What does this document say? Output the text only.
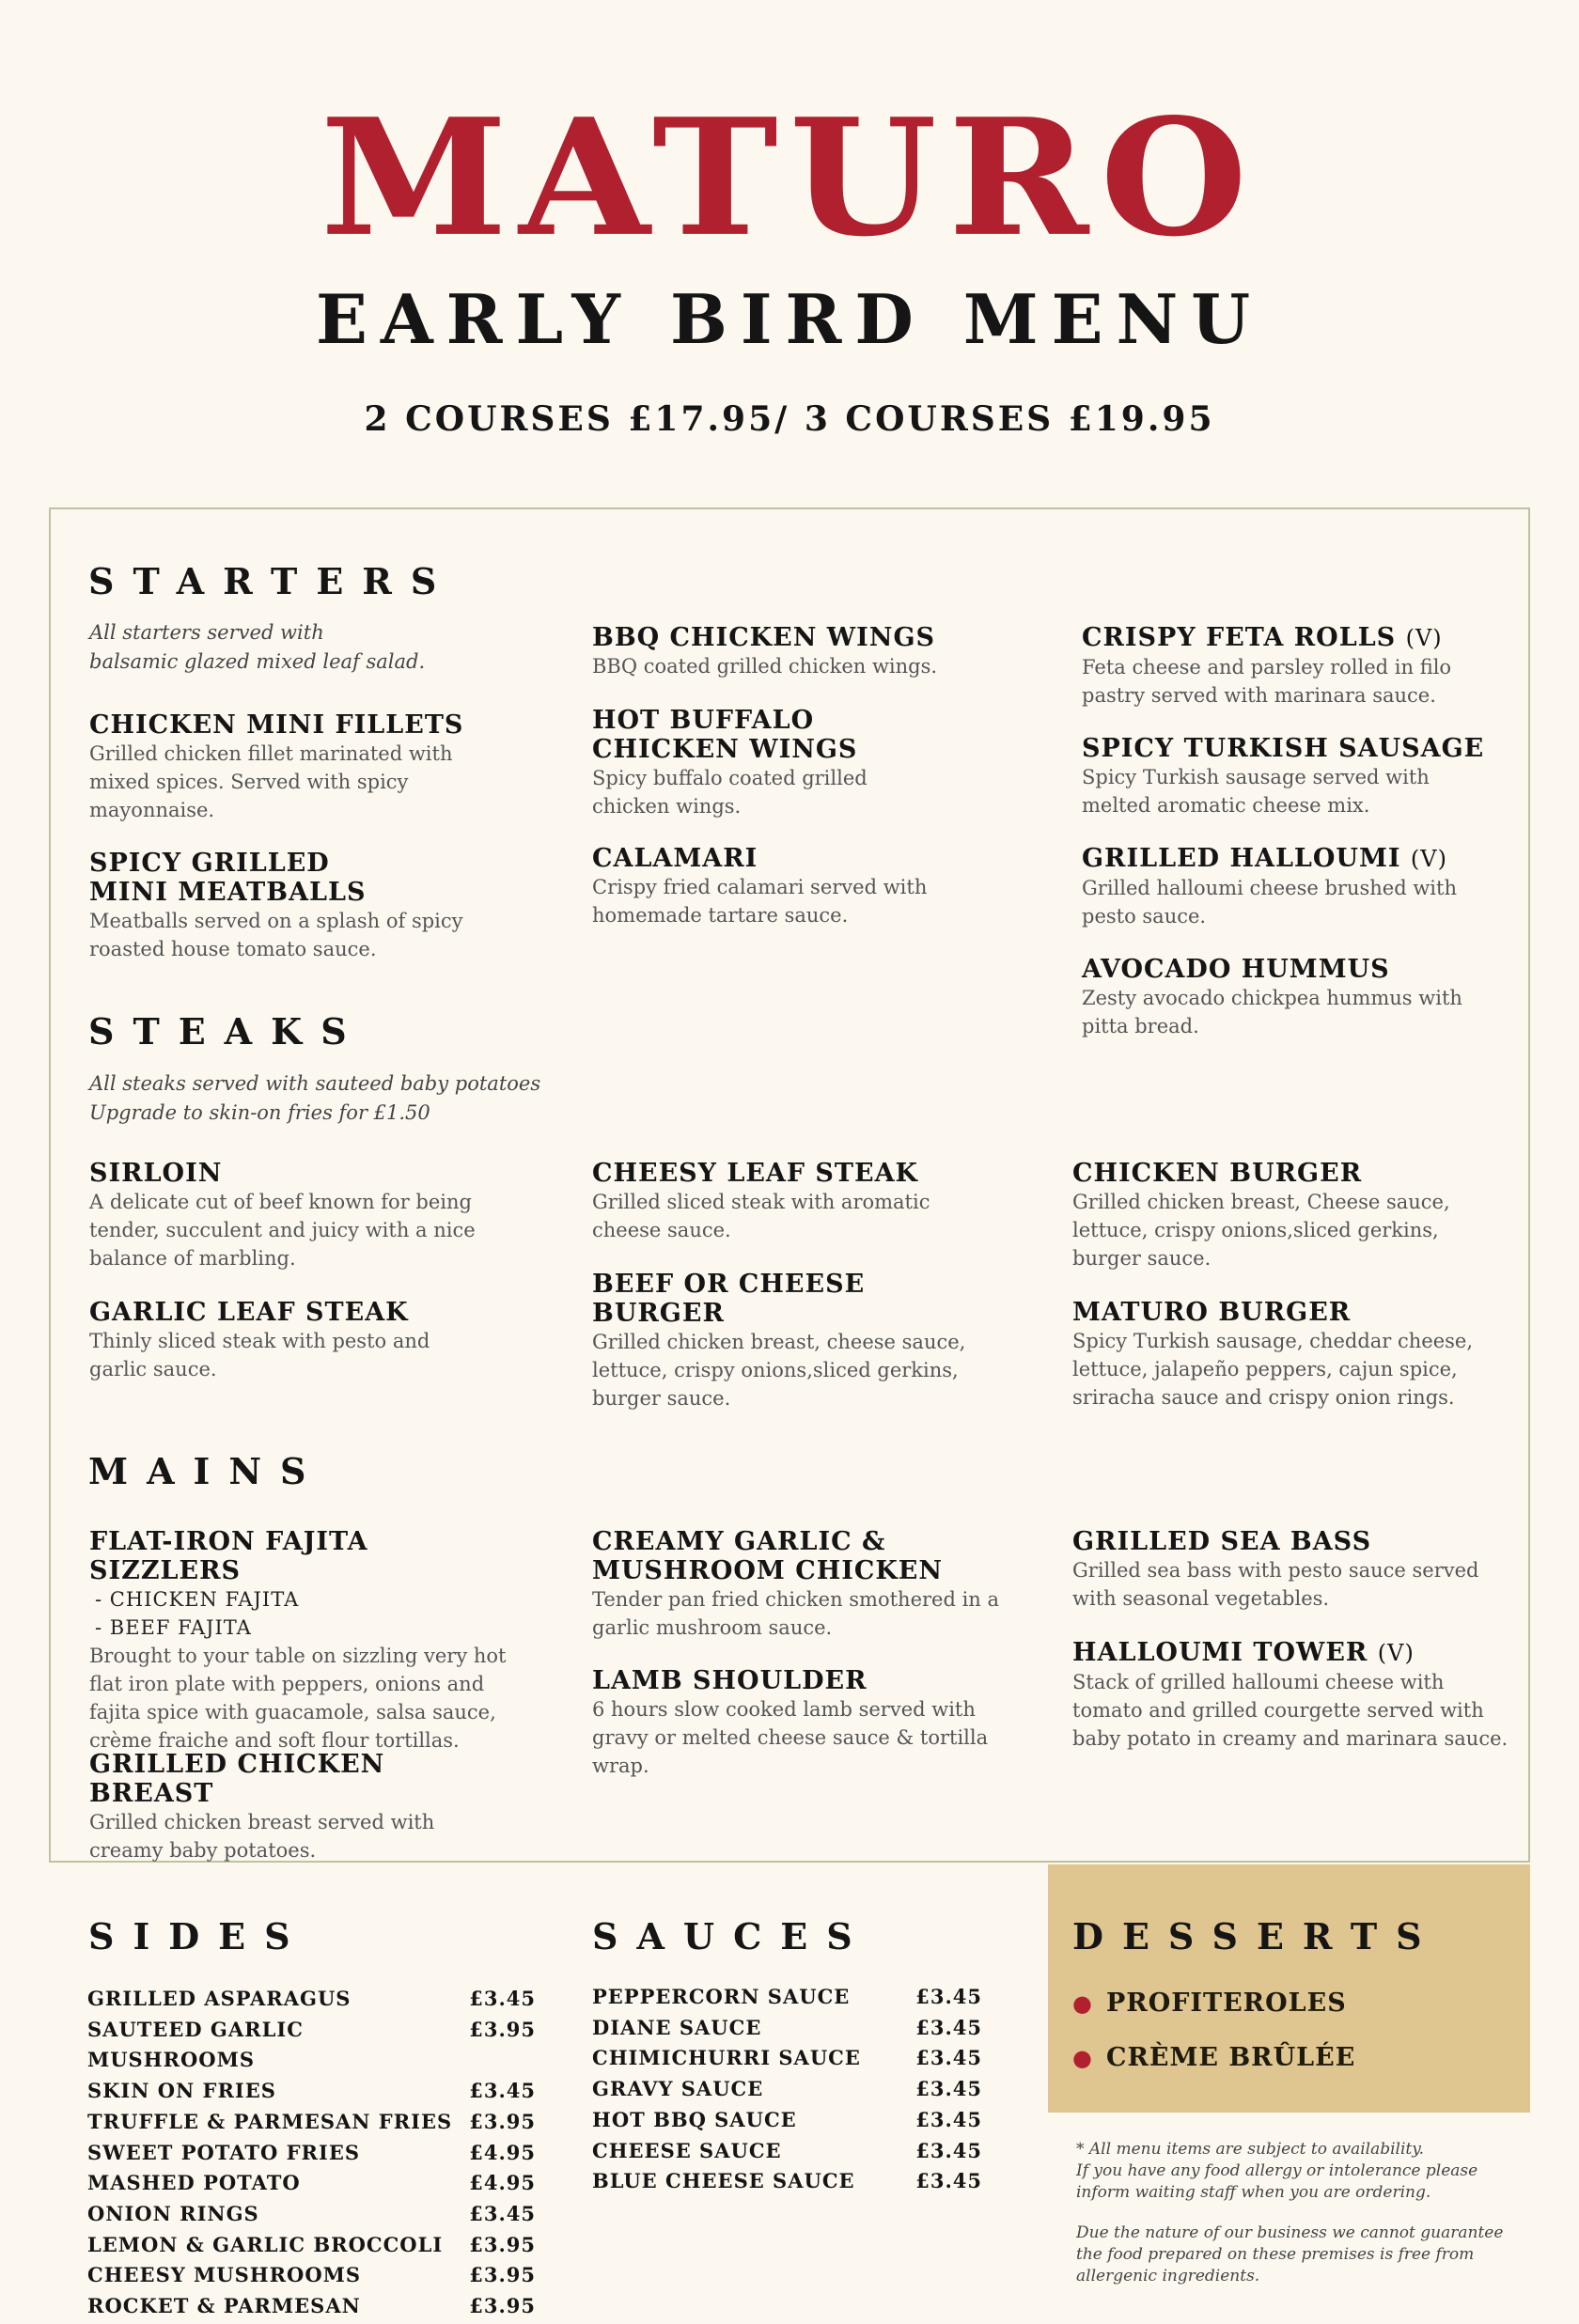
MATURO
EARLY BIRD MENU
2 COURSES £17.95/ 3 COURSES £19.95
STARTERS
All starters served with
balsamic glazed mixed leaf salad.
CHICKEN MINI FILLETS
Grilled chicken fillet marinated with mixed spices. Served with spicy mayonnaise.
SPICY GRILLED
MINI MEATBALLS
Meatballs served on a splash of spicy roasted house tomato sauce.
BBQ CHICKEN WINGS
BBQ coated grilled chicken wings.
HOT BUFFALO
CHICKEN WINGS
Spicy buffalo coated grilled chicken wings.
CALAMARI
Crispy fried calamari served with homemade tartare sauce.
CRISPY FETA ROLLS (V)
Feta cheese and parsley rolled in filo pastry served with marinara sauce.
SPICY TURKISH SAUSAGE
Spicy Turkish sausage served with melted aromatic cheese mix.
GRILLED HALLOUMI (V)
Grilled halloumi cheese brushed with pesto sauce.
AVOCADO HUMMUS
Zesty avocado chickpea hummus with pitta bread.
STEAKS
All steaks served with sauteed baby potatoes
Upgrade to skin-on fries for £1.50
SIRLOIN
A delicate cut of beef known for being tender, succulent and juicy with a nice balance of marbling.
GARLIC LEAF STEAK
Thinly sliced steak with pesto and garlic sauce.
CHEESY LEAF STEAK
Grilled sliced steak with aromatic cheese sauce.
BEEF OR CHEESE BURGER
Grilled chicken breast, cheese sauce, lettuce, crispy onions,sliced gerkins, burger sauce.
CHICKEN BURGER
Grilled chicken breast, Cheese sauce, lettuce, crispy onions,sliced gerkins, burger sauce.
MATURO BURGER
Spicy Turkish sausage, cheddar cheese, lettuce, jalapeño peppers, cajun spice, sriracha sauce and crispy onion rings.
MAINS
FLAT-IRON FAJITA SIZZLERS
- CHICKEN FAJITA
- BEEF FAJITA
Brought to your table on sizzling very hot flat iron plate with peppers, onions and fajita spice with guacamole, salsa sauce, crème fraiche and soft flour tortillas.
GRILLED CHICKEN BREAST
Grilled chicken breast served with creamy baby potatoes.
CREAMY GARLIC &
MUSHROOM CHICKEN
Tender pan fried chicken smothered in a garlic mushroom sauce.
LAMB SHOULDER
6 hours slow cooked lamb served with gravy or melted cheese sauce & tortilla wrap.
GRILLED SEA BASS
Grilled sea bass with pesto sauce served with seasonal vegetables.
HALLOUMI TOWER (V)
Stack of grilled halloumi cheese with tomato and grilled courgette served with baby potato in creamy and marinara sauce.
SIDES
GRILLED ASPARAGUS	£3.45
SAUTEED GARLIC MUSHROOMS
£3.95
SKIN ON FRIES	£3.45
TRUFFLE & PARMESAN FRIES £3.95
SWEET POTATO FRIES	£4.95
MASHED POTATO	£4.95
ONION RINGS	£3.45
LEMON & GARLIC BROCCOLI £3.95
CHEESY MUSHROOMS	£3.95
ROCKET & PARMESAN	£3.95
SAUCES
PEPPERCORN SAUCE	£3.45
DIANE SAUCE	£3.45
CHIMICHURRI SAUCE	£3.45
GRAVY SAUCE	£3.45
HOT BBQ SAUCE	£3.45
CHEESE SAUCE	£3.45
BLUE CHEESE SAUCE	£3.45
DESSERTS
● PROFITEROLES
● CRÈME BRÛLÉE
* All menu items are subject to availability.
If you have any food allergy or intolerance please
inform waiting staff when you are ordering.
Due the nature of our business we cannot guarantee
the food prepared on these premises is free from
allergenic ingredients.
